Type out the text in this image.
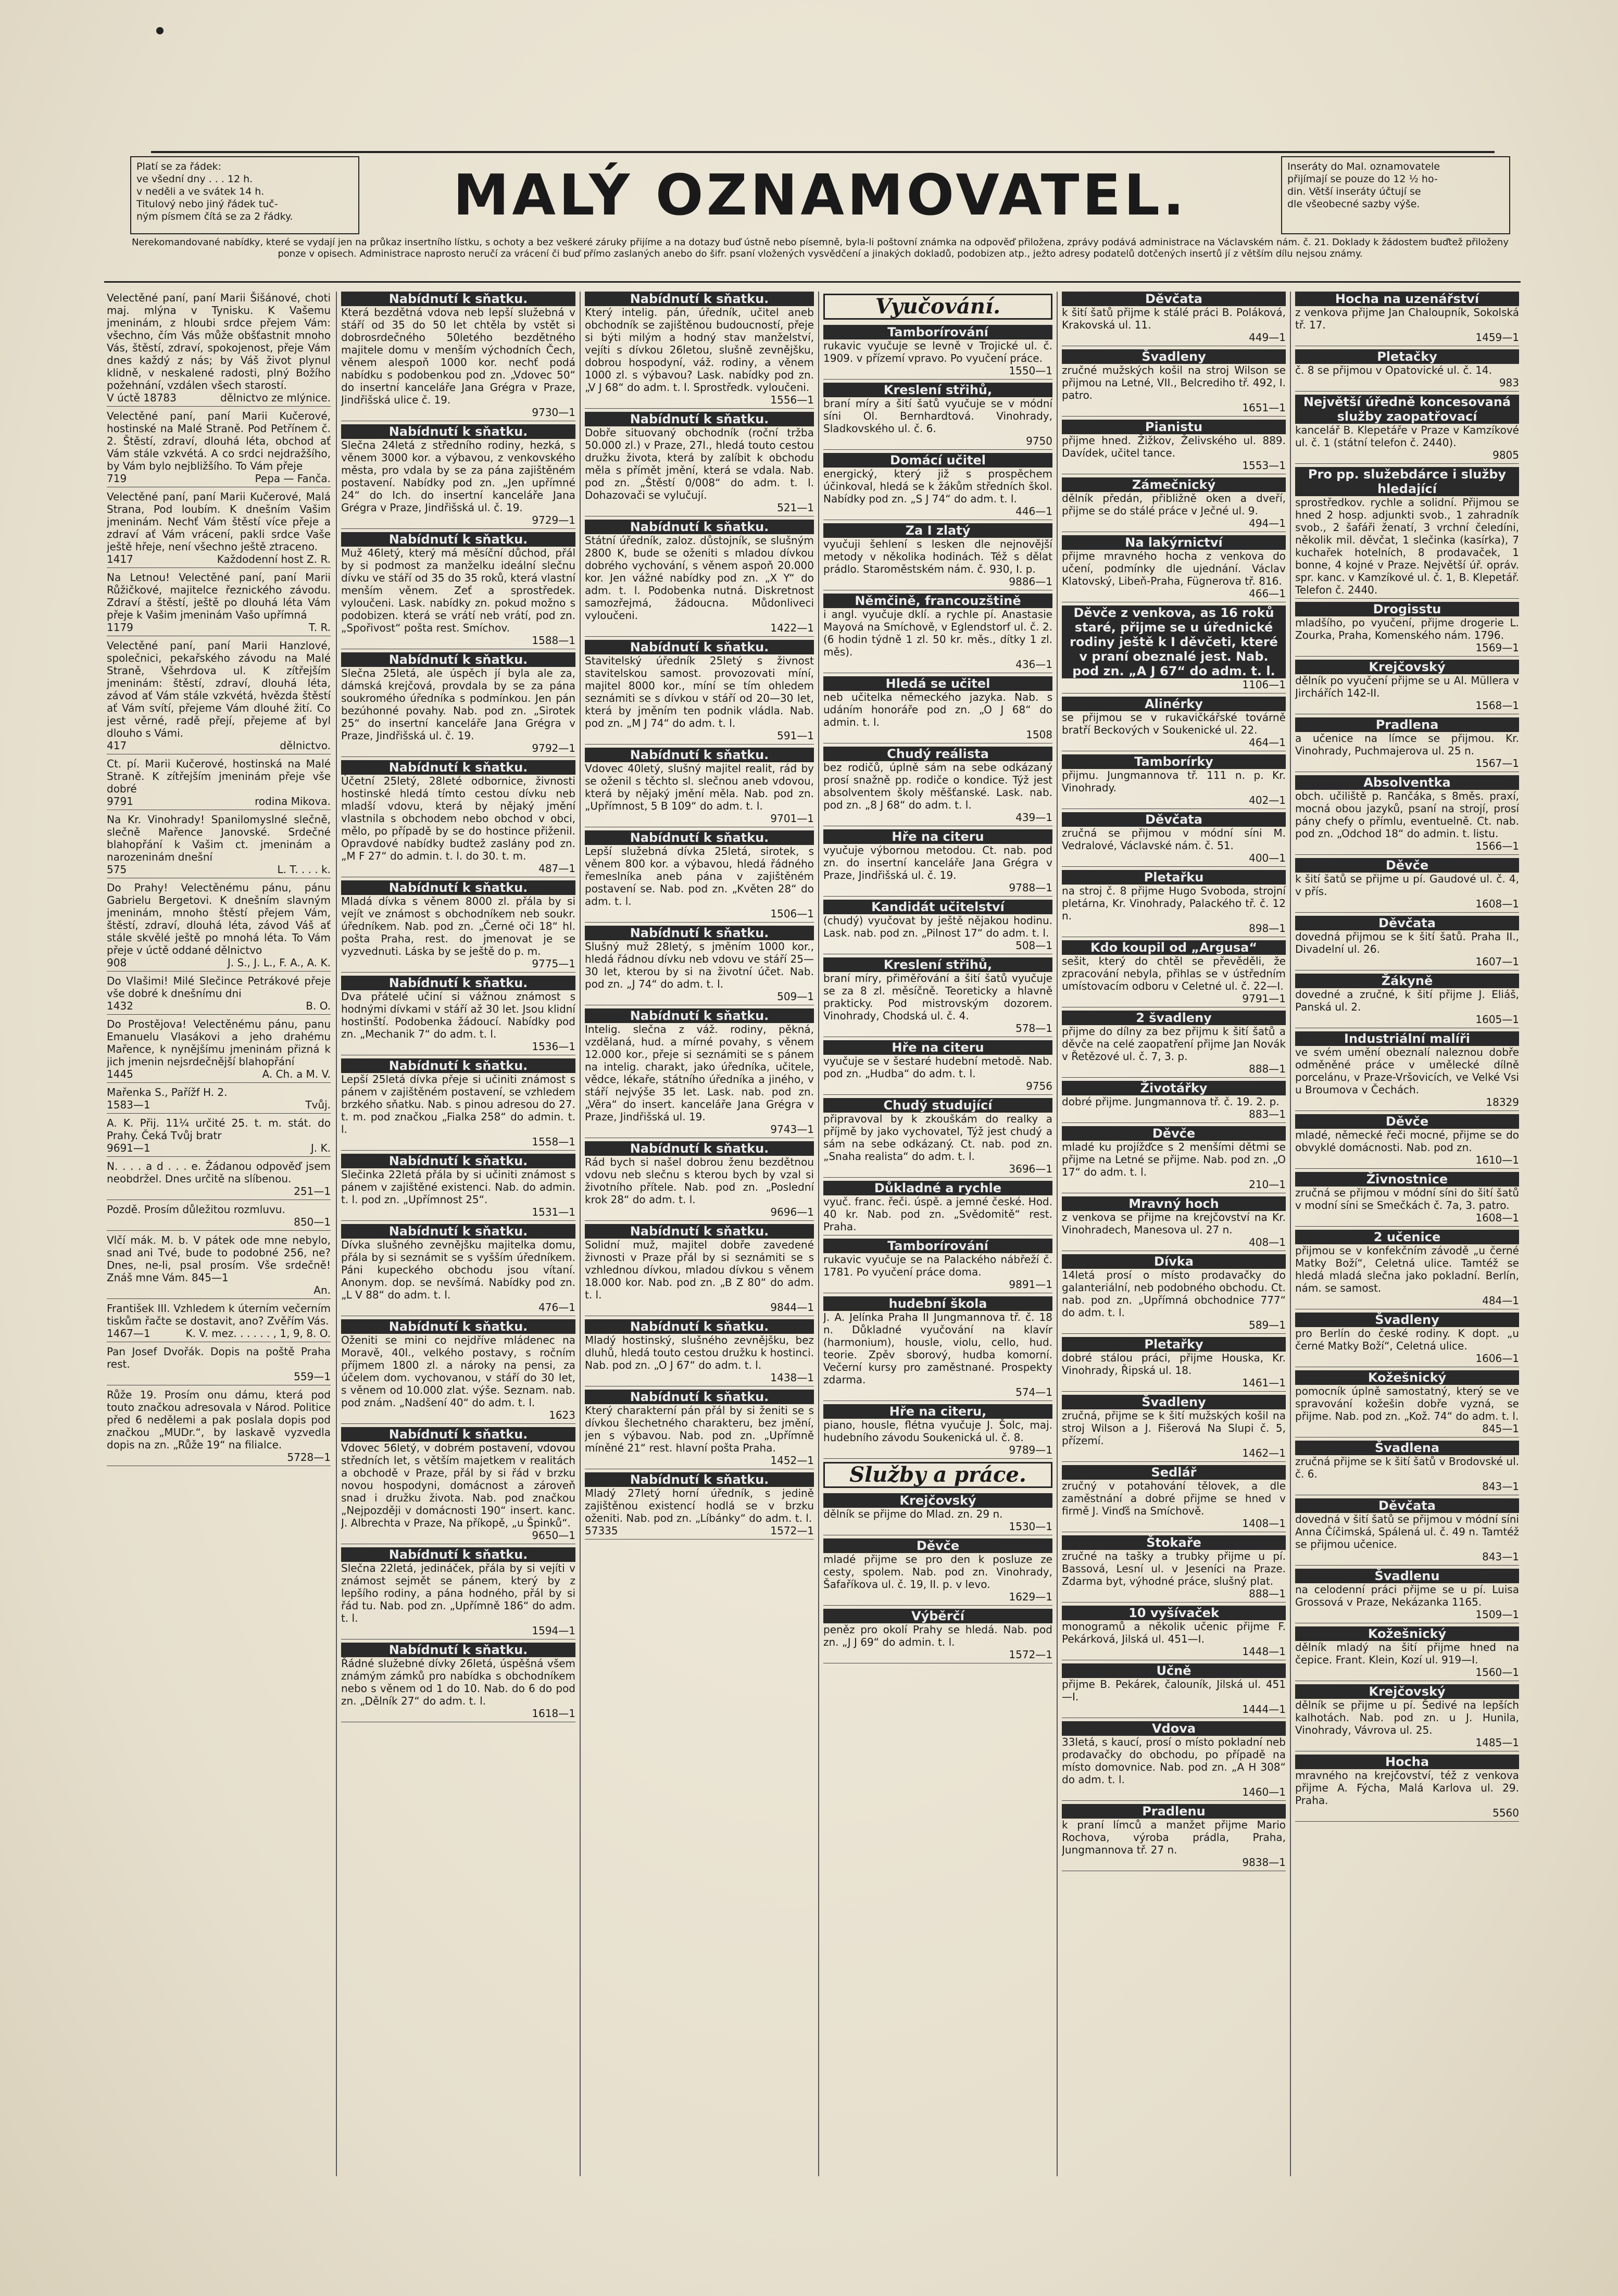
Platí se za řádek:
ve všední dny . . . 12 h.
v neděli a ve svátek 14 h.
Titulový nebo jiný řádek tuč-
ným písmem čítá se za 2 řádky.	MALÝ OZNAMOVATEL.	Inseráty do Mal. oznamovatele
přijímají se pouze do 12 ½ ho-
din. Větší inseráty účtují se
dle všeobecné sazby výše.
Nerekomandované nabídky, které se vydají jen na průkaz insertního lístku, s ochoty a bez veškeré záruky přijíme a na dotazy buď ústně nebo písemně, byla-li poštovní známka na odpověď přiložena, zprávy podává administrace na Václavském nám. č. 21. Doklady k žádostem buďtež přiloženy ponze v opisech. Administrace naprosto neručí za vrácení či buď přímo zaslaných anebo do šifr. psaní vložených vysvědčení a jinakých dokladů, podobizen atp., ježto adresy podatelů dotčených insertů jí z větším dílu nejsou známy.
Velectěné paní, paní Marii Šišánové, choti maj. mlýna v Tynisku. K Vašemu jmeninám, z hloubi srdce přejem Vám: všechno, čím Vás může obšťastnit mnoho Vás, štěstí, zdraví, spokojenost, přeje Vám dnes každý z nás; by Váš život plynul klidně, v neskalené radosti, plný Božího požehnání, vzdálen všech starostí.
V úctě 18783	dělnictvo ze mlýnice.
Velectěné paní, paní Marii Kučerové, hostinské na Malé Straně. Pod Petřínem č. 2. Štěstí, zdraví, dlouhá léta, obchod ať Vám stále vzkvétá. A co srdci nejdražšího, by Vám bylo nejbližšího. To Vám přeje
719	Pepa — Fanča.
Velectěné paní, paní Marii Kučerové, Malá Strana, Pod loubím. K dnešním Vašim jmeninám. Nechť Vám štěstí více přeje a zdraví ať Vám vrácení, pakli srdce Vaše ještě hřeje, není všechno ještě ztraceno.
1417	Každodenní host Z. R.
Na Letnou! Velectěné paní, paní Marii Růžičkové, majitelce řeznického závodu. Zdraví a štěstí, ještě po dlouhá léta Vám přeje k Vašim jmeninám Vašo upřímná
1179	T. R.
Velectěné paní, paní Marii Hanzlové, společnici, pekařského závodu na Malé Straně, Všehrdova ul. K zítřejším jmeninám: štěstí, zdraví, dlouhá léta, závod ať Vám stále vzkvétá, hvězda štěstí ať Vám svítí, přejeme Vám dlouhé žití. Co jest věrné, radě přejí, přejeme ať byl dlouho s Vámi.
417	dělnictvo.
Ct. pí. Marii Kučerové, hostinská na Malé Straně. K zítřejším jmeninám přeje vše dobré
9791	rodina Mikova.
Na Kr. Vinohrady! Spanilomyslné slečně, slečně Mařence Janovské. Srdečné blahopřání k Vašim ct. jmeninám a narozeninám dnešní
575	L. T. . . . k.
Do Prahy! Velectěnému pánu, pánu Gabrielu Bergetovi. K dnešním slavným jmeninám, mnoho štěstí přejem Vám, štěstí, zdraví, dlouhá léta, závod Váš ať stále skvělé ještě po mnohá léta. To Vám přeje v úctě oddané dělnictvo
908	J. S., J. L., F. A., A. K.
Do Vlašimi! Milé Slečince Petrákové přeje vše dobré k dnešnímu dni
1432	B. O.
Do Prostějova! Velectěnému pánu, panu Emanuelu Vlasákovi a jeho drahému Mařence, k nynějšímu jmeninám přizná k jich jmenin nejsrdečnější blahopřání
1445	A. Ch. a M. V.
Mařenka S., Pařížf H. 2.
1583—1	Tvůj.
A. K. Přij. 11¼ určité 25. t. m. stát. do Prahy. Čeká Tvůj bratr
9691—1	J. K.
N. . . . a d . . . e. Žádanou odpověď jsem neobdržel. Dnes určitě na slíbenou.
251—1
Pozdě. Prosím důležitou rozmluvu.
850—1
Vlčí mák. M. b. V pátek ode mne nebylo, snad ani Tvé, bude to podobné 256, ne? Dnes, ne-li, psal prosím. Vše srdečně! Znáš mne Vám. 845—1
An.
František III. Vzhledem k úterním večerním tiskům řačte se dostavit, ano? Zvěřím Vás.
1467—1	K. V. mez. . . . . . , 1, 9, 8. O.
Pan Josef Dvořák. Dopis na poště Praha rest.
559—1
Růže 19. Prosím onu dámu, která pod touto značkou adresovala v Národ. Politice před 6 nedělemi a pak poslala dopis pod značkou „MUDr.“, by laskavě vyzvedla dopis na zn. „Růže 19“ na filialce.
5728—1
Nabídnutí k sňatku.
Která bezdětná vdova neb lepší služebná v stáří od 35 do 50 let chtěla by vstět si dobrosrdečného 50letého bezdětného majitele domu v menším východních Čech, věnem alespoň 1000 kor. nechť podá nabídku s podobenkou pod zn. „Vdovec 50“ do insertní kanceláře Jana Grégra v Praze, Jindřišská ulice č. 19.
9730—1
Nabídnutí k sňatku.
Slečna 24letá z středního rodiny, hezká, s věnem 3000 kor. a výbavou, z venkovského města, pro vdala by se za pána zajištěném postavení. Nabídky pod zn. „Jen upřímné 24“ do Ich. do insertní kanceláře Jana Grégra v Praze, Jindřišská ul. č. 19.
9729—1
Nabídnutí k sňatku.
Muž 46letý, který má měsíční důchod, přál by si podmost za manželku ideální slečnu dívku ve stáří od 35 do 35 roků, která vlastní menším věnem. Zeť a sprostředek. vyloučeni. Lask. nabídky zn. pokud možno s podobizen. která se vrátí neb vrátí, pod zn. „Spořivost“ pošta rest. Smíchov.
1588—1
Nabídnutí k sňatku.
Slečna 25letá, ale úspěch jí byla ale za, dámská krejčová, provdala by se za pána soukromého úředníka s podmínkou. Jen pán bezúhonné povahy. Nab. pod zn. „Sirotek 25“ do insertní kanceláře Jana Grégra v Praze, Jindřišská ul. č. 19.
9792—1
Nabídnutí k sňatku.
Účetní 25letý, 28leté odbornice, živnosti hostinské hledá tímto cestou dívku neb mladší vdovu, která by nějaký jmění vlastnila s obchodem nebo obchod v obci, mělo, po případě by se do hostince přiženil. Opravdové nabídky budtež zaslány pod zn. „M F 27“ do admin. t. l. do 30. t. m.
487—1
Nabídnutí k sňatku.
Mladá dívka s věnem 8000 zl. přála by si vejít ve známost s obchodníkem neb soukr. úředníkem. Nab. pod zn. „Černé oči 18“ hl. pošta Praha, rest. do jmenovat je se vyzvednuti. Láska by se ještě do p. m.
9775—1
Nabídnutí k sňatku.
Dva přátelé učiní si vážnou známost s hodnými dívkami v stáří až 30 let. Jsou klidní hostinští. Podobenka žádoucí. Nabídky pod zn. „Mechanik 7“ do adm. t. l.
1536—1
Nabídnutí k sňatku.
Lepší 25letá dívka přeje si učiniti známost s pánem v zajištěném postavení, se vzhledem brzkého sňatku. Nab. s pinou adresou do 27. t. m. pod značkou „Fialka 258“ do admin. t. l.
1558—1
Nabídnutí k sňatku.
Slečinka 22letá přála by si učiniti známost s pánem v zajištěné existenci. Nab. do admin. t. l. pod zn. „Upřímnost 25“.
1531—1
Nabídnutí k sňatku.
Dívka slušného zevnějšku majitelka domu, přála by si seznámit se s vyšším úředníkem. Páni kupeckého obchodu jsou vítaní. Anonym. dop. se nevšímá. Nabídky pod zn. „L V 88“ do adm. t. l.
476—1
Nabídnutí k sňatku.
Oženiti se mini co nejdříve mládenec na Moravě, 40l., velkého postavy, s ročním příjmem 1800 zl. a nároky na pensi, za účelem dom. vychovanou, v stáří do 30 let, s věnem od 10.000 zlat. výše. Seznam. nab. pod znám. „Nadšení 40“ do adm. t. l.
1623
Nabídnutí k sňatku.
Vdovec 56letý, v dobrém postavení, vdovou středních let, s větším majetkem v realitách a obchodě v Praze, přál by si řád v brzku novou hospodyni, domácnost a zároveň snad i družku života. Nab. pod značkou „Nejpozději v domácnosti 190“ insert. kanc. J. Albrechta v Praze, Na příkopě, „u Špinků“.
9650—1
Nabídnutí k sňatku.
Slečna 22letá, jedináček, přála by si vejíti v známost sejmět se pánem, který by z lepšího rodiny, a pána hodného, přál by si řád tu. Nab. pod zn. „Upřímně 186“ do adm. t. l.
1594—1
Nabídnutí k sňatku.
Řádné služebné dívky 26letá, úspěšná všem známým zámků pro nabídka s obchodníkem nebo s věnem od 1 do 10. Nab. do 6 do pod zn. „Dělník 27“ do adm. t. l.
1618—1
Nabídnutí k sňatku.
Který intelig. pán, úředník, učitel aneb obchodník se zajištěnou budoucností, přeje si býti milým a hodný stav manželství, vejíti s dívkou 26letou, slušně zevnějšku, dobrou hospodyní, váž. rodiny, a věnem 1000 zl. s výbavou? Lask. nabídky pod zn. „V J 68“ do adm. t. l. Sprostředk. vyloučeni.
1556—1
Nabídnutí k sňatku.
Dobře situovaný obchodník (roční tržba 50.000 zl.) v Praze, 27l., hledá touto cestou družku života, která by zalíbit k obchodu měla s přímět jmění, která se vdala. Nab. pod zn. „Štěstí 0/008“ do adm. t. l. Dohazovači se vylučují.
521—1
Nabídnutí k sňatku.
Státní úředník, zaloz. důstojník, se slušným 2800 K, bude se oženiti s mladou dívkou dobrého vychování, s věnem aspoň 20.000 kor. Jen vážné nabídky pod zn. „X Y“ do adm. t. l. Podobenka nutná. Diskretnost samozřejmá, žádoucna. Můdonliveci vyloučeni.
1422—1
Nabídnutí k sňatku.
Stavitelský úředník 25letý s živnost stavitelskou samost. provozovati míní, majitel 8000 kor., míní se tím ohledem seznámiti se s dívkou v stáří od 20—30 let, která by jměním ten podnik vládla. Nab. pod zn. „M J 74“ do adm. t. l.
591—1
Nabídnutí k sňatku.
Vdovec 40letý, slušný majitel realit, rád by se oženil s těchto sl. slečnou aneb vdovou, která by nějaký jmění měla. Nab. pod zn. „Upřímnost, 5 B 109“ do adm. t. l.
9701—1
Nabídnutí k sňatku.
Lepší služebná dívka 25letá, sirotek, s věnem 800 kor. a výbavou, hledá řádného řemeslníka aneb pána v zajištěném postavení se. Nab. pod zn. „Květen 28“ do adm. t. l.
1506—1
Nabídnutí k sňatku.
Slušný muž 28letý, s jměním 1000 kor., hledá řádnou dívku neb vdovu ve stáří 25—30 let, kterou by si na životní účet. Nab. pod zn. „J 74“ do adm. t. l.
509—1
Nabídnutí k sňatku.
Intelig. slečna z váž. rodiny, pěkná, vzdělaná, hud. a mírné povahy, s věnem 12.000 kor., přeje si seznámiti se s pánem na intelig. charakt, jako úředníka, učitele, vědce, lékaře, státního úředníka a jiného, v stáří nejvýše 35 let. Lask. nab. pod zn. „Věra“ do insert. kanceláře Jana Grégra v Praze, Jindřišská ul. 19.
9743—1
Nabídnutí k sňatku.
Rád bych si našel dobrou ženu bezdětnou vdovu neb slečnu s kterou bych by vzal si životního přítele. Nab. pod zn. „Poslední krok 28“ do adm. t. l.
9696—1
Nabídnutí k sňatku.
Solidní muž, majitel dobře zavedené živnosti v Praze přál by si seznámiti se s vzhlednou dívkou, mladou dívkou s věnem 18.000 kor. Nab. pod zn. „B Z 80“ do adm. t. l.
9844—1
Nabídnutí k sňatku.
Mladý hostinský, slušného zevnějšku, bez dluhů, hledá touto cestou družku k hostinci. Nab. pod zn. „O J 67“ do adm. t. l.
1438—1
Nabídnutí k sňatku.
Který charakterní pán přál by si ženiti se s dívkou šlechetného charakteru, bez jmění, jen s výbavou. Nab. pod zn. „Upřímně míněné 21“ rest. hlavní pošta Praha.
1452—1
Nabídnutí k sňatku.
Mladý 27letý horní úředník, s jedině zajištěnou existencí hodlá se v brzku oženiti. Nab. pod zn. „Líbánky“ do adm. t. l.
57335	1572—1
Vyučování.
Tamborírování
rukavic vyučuje se levně v Trojické ul. č. 1909. v přízemí vpravo. Po vyučení práce.
1550—1
Kreslení střihů,
braní míry a šití šatů vyučuje se v módní síni Ol. Bernhardtová. Vinohrady, Sladkovského ul. č. 6.
9750
Domácí učitel
energický, který již s prospěchem účinkoval, hledá se k žákům středních škol. Nabídky pod zn. „S J 74“ do adm. t. l.
446—1
Za I zlatý
vyučuji šehlení s lesken dle nejnovější metody v několika hodinách. Též s dělat prádlo. Staroměstském nám. č. 930, I. p.
9886—1
Němčině, francouzštině
i angl. vyučuje dklí. a rychle pí. Anastasie Mayová na Smíchově, v Eglendstorf ul. č. 2. (6 hodin týdně 1 zl. 50 kr. měs., dítky 1 zl. měs).
436—1
Hledá se učitel
neb učitelka německého jazyka. Nab. s udáním honoráře pod zn. „O J 68“ do admin. t. l.
1508
Chudý reálista
bez rodičů, úplně sám na sebe odkázaný prosí snažně pp. rodiče o kondice. Týž jest absolventem školy měšťanské. Lask. nab. pod zn. „8 J 68“ do adm. t. l.
439—1
Hře na citeru
vyučuje výbornou metodou. Ct. nab. pod zn. do insertní kanceláře Jana Grégra v Praze, Jindřišská ul. č. 19.
9788—1
Kandidát učitelství
(chudý) vyučovat by ještě nějakou hodinu. Lask. nab. pod zn. „Pilnost 17“ do adm. t. l.
508—1
Kreslení střihů,
braní míry, přiměřování a šití šatů vyučuje se za 8 zl. měsíčně. Teoreticky a hlavně prakticky. Pod mistrovským dozorem. Vinohrady, Chodská ul. č. 4.
578—1
Hře na citeru
vyučuje se v šestaré hudební metodě. Nab. pod zn. „Hudba“ do adm. t. l.
9756
Chudý studující
připravoval by k zkouškám do realky a příjmě by jako vychovatel, Týž jest chudý a sám na sebe odkázaný. Ct. nab. pod zn. „Snaha realista“ do adm. t. l.
3696—1
Důkladné a rychle
vyuč. franc. řeči. úspě. a jemné české. Hod. 40 kr. Nab. pod zn. „Svědomitě“ rest. Praha.
Tamborírování
rukavic vyučuje se na Palackého nábřeží č. 1781. Po vyučení práce doma.
9891—1
hudební škola
J. A. Jelínka Praha II Jungmannova tř. č. 18 n. Důkladné vyučování na klavír (harmonium), housle, violu, cello, hud. teorie. Zpěv sborový, hudba komorní. Večerní kursy pro zaměstnané. Prospekty zdarma.
574—1
Hře na citeru,
piano, housle, flétna vyučuje J. Šolc, maj. hudebního závodu Soukenická ul. č. 8.
9789—1
Služby a práce.
Krejčovský
dělník se přijme do Mlad. zn. 29 n.
1530—1
Děvče
mladé přijme se pro den k posluze ze cesty, spolem. Nab. pod zn. Vinohrady, Šafaříkova ul. č. 19, II. p. v levo.
1629—1
Výběrčí
peněz pro okolí Prahy se hledá. Nab. pod zn. „J J 69“ do admin. t. l.
1572—1
Děvčata
k šití šatů přijme k stálé práci B. Poláková, Krakovská ul. 11.
449—1
Švadleny
zručné mužských košil na stroj Wilson se přijmou na Letné, VII., Belcrediho tř. 492, I. patro.
1651—1
Pianistu
přijme hned. Žižkov, Želivského ul. 889. Davídek, učitel tance.
1553—1
Zámečnický
dělník předán, přibližně oken a dveří, přijme se do stálé práce v Ječné ul. 9.
494—1
Na lakýrnictví
přijme mravného hocha z venkova do učení, podmínky dle ujednání. Václav Klatovský, Libeň-Praha, Fügnerova tř. 816.
466—1
Děvče z venkova, as 16 roků staré, přijme se u úřednické rodiny ještě k I děvčeti, které v praní obeznalé jest. Nab. pod zn. „A J 67“ do adm. t. l.
1106—1
Alinérky
se přijmou se v rukavičkářské továrně bratří Beckových v Soukenické ul. 22.
464—1
Tamborírky
přijmu. Jungmannova tř. 111 n. p. Kr. Vinohrady.
402—1
Děvčata
zručná se přijmou v módní síni M. Vedralové, Václavské nám. č. 51.
400—1
Pletařku
na stroj č. 8 přijme Hugo Svoboda, strojní pletárna, Kr. Vinohrady, Palackého tř. č. 12 n.
898—1
Kdo koupil od „Argusa“
sešit, který do chtěl se převěděli, že zpracování nebyla, přihlas se v ústředním umístovacím odboru v Celetné ul. č. 22—I.
9791—1
2 švadleny
přijme do dílny za bez přijmu k šití šatů a děvče na celé zaopatření přijme Jan Novák v Řetězové ul. č. 7, 3. p.
888—1
Životářky
dobré přijme. Jungmannova tř. č. 19. 2. p.
883—1
Děvče
mladé ku projížďce s 2 menšími dětmi se přijme na Letné se přijme. Nab. pod zn. „O 17“ do adm. t. l.
210—1
Mravný hoch
z venkova se přijme na krejčovství na Kr. Vinohradech, Manesova ul. 27 n.
408—1
Dívka
14letá prosí o místo prodavačky do galanteriální, neb podobného obchodu. Ct. nab. pod zn. „Upřímná obchodnice 777“ do adm. t. l.
589—1
Pletařky
dobré stálou práci, přijme Houska, Kr. Vinohrady, Řipská ul. 18.
1461—1
Švadleny
zručná, přijme se k šití mužských košil na stroj Wilson a J. Fišerová Na Slupi č. 5, přízemí.
1462—1
Sedlář
zručný v potahování tělovek, a dle zaměstnání a dobré přijme se hned v firmě J. Vinďš na Smíchově.
1408—1
Štokaře
zručné na tašky a trubky přijme u pí. Bassová, Lesní ul. v Jeseníci na Praze. Zdarma byt, výhodné práce, slušný plat.
888—1
10 vyšívaček
monogramů a několik učenic přijme F. Pekárková, Jilská ul. 451—I.
1448—1
Učně
přijme B. Pekárek, čalouník, Jilská ul. 451—I.
1444—1
Vdova
33letá, s kaucí, prosí o místo pokladní neb prodavačky do obchodu, po případě na místo domovnice. Nab. pod zn. „A H 308“ do adm. t. l.
1460—1
Pradlenu
k praní límců a manžet přijme Mario Rochova, výroba prádla, Praha, Jungmannova tř. 27 n.
9838—1
Hocha na uzenářství
z venkova přijme Jan Chaloupník, Sokolská tř. 17.
1459—1
Pletačky
č. 8 se přijmou v Opatovické ul. č. 14.
983
Největší úředně koncesovaná služby zaopatřovací
kancelář B. Klepetáře v Praze v Kamzíkové ul. č. 1 (státní telefon č. 2440).
9805
Pro pp. služebdárce i služby hledající
sprostředkov. rychle a solidní. Přijmou se hned 2 hosp. adjunkti svob., 1 zahradník svob., 2 šafáři ženatí, 3 vrchní čeledíni, několik mil. děvčat, 1 slečinka (kasírka), 7 kuchařek hotelních, 8 prodavaček, 1 bonne, 4 kojné v Praze. Největší úř. opráv. spr. kanc. v Kamzíkové ul. č. 1, B. Klepetář. Telefon č. 2440.
Drogisstu
mladšího, po vyučení, přijme drogerie L. Zourka, Praha, Komenského nám. 1796.
1569—1
Krejčovský
dělník po vyučení přijme se u Al. Müllera v Jirchářích 142-II.
1568—1
Pradlena
a učenice na límce se přijmou. Kr. Vinohrady, Puchmajerova ul. 25 n.
1567—1
Absolventka
obch. učiliště p. Rančáka, s 8měs. praxí, mocná obou jazyků, psaní na strojí, prosí pány chefy o přímlu, eventuelně. Ct. nab. pod zn. „Odchod 18“ do admin. t. listu.
1566—1
Děvče
k šití šatů se přijme u pí. Gaudové ul. č. 4, v přís.
1608—1
Děvčata
dovedná přijmou se k šití šatů. Praha II., Divadelní ul. 26.
1607—1
Žákyně
dovedné a zručné, k šití přijme J. Eliáš, Panská ul. 2.
1605—1
Industriální malíři
ve svém umění obeznalí naleznou dobře odměněné práce v umělecké dílně porcelánu, v Praze-Vršovicích, ve Velké Vsi u Broumova v Čechách.
18329
Děvče
mladé, německé řeči mocné, přijme se do obvyklé domácnosti. Nab. pod zn.
1610—1
Živnostnice
zručná se přijmou v módní síni do šití šatů v modní síni se Smečkách č. 7a, 3. patro.
1608—1
2 učenice
přijmou se v konfekčním závodě „u černé Matky Boží“, Celetná ulice. Tamtéž se hledá mladá slečna jako pokladní. Berlín, nám. se samost.
484—1
Švadleny
pro Berlín do české rodiny. K dopt. „u černé Matky Boží“, Celetná ulice.
1606—1
Kožešnický
pomocník úplně samostatný, který se ve spravování kožešin dobře vyzná, se přijme. Nab. pod zn. „Kož. 74“ do adm. t. l.
845—1
Švadlena
zručná přijme se k šití šatů v Brodovské ul. č. 6.
843—1
Děvčata
dovedná v šití šatů se přijmou v módní síni Anna Číčimská, Spálená ul. č. 49 n. Tamtéž se přijmou učenice.
843—1
Švadlenu
na celodenní práci přijme se u pí. Luisa Grossová v Praze, Nekázanka 1165.
1509—1
Kožešnický
dělník mladý na šití přijme hned na čepice. Frant. Klein, Kozí ul. 919—I.
1560—1
Krejčovský
dělník se přijme u pí. Šedivé na lepších kalhotách. Nab. pod zn. u J. Hunila, Vinohrady, Vávrova ul. 25.
1485—1
Hocha
mravného na krejčovství, též z venkova přijme A. Fýcha, Malá Karlova ul. 29. Praha.
5560
